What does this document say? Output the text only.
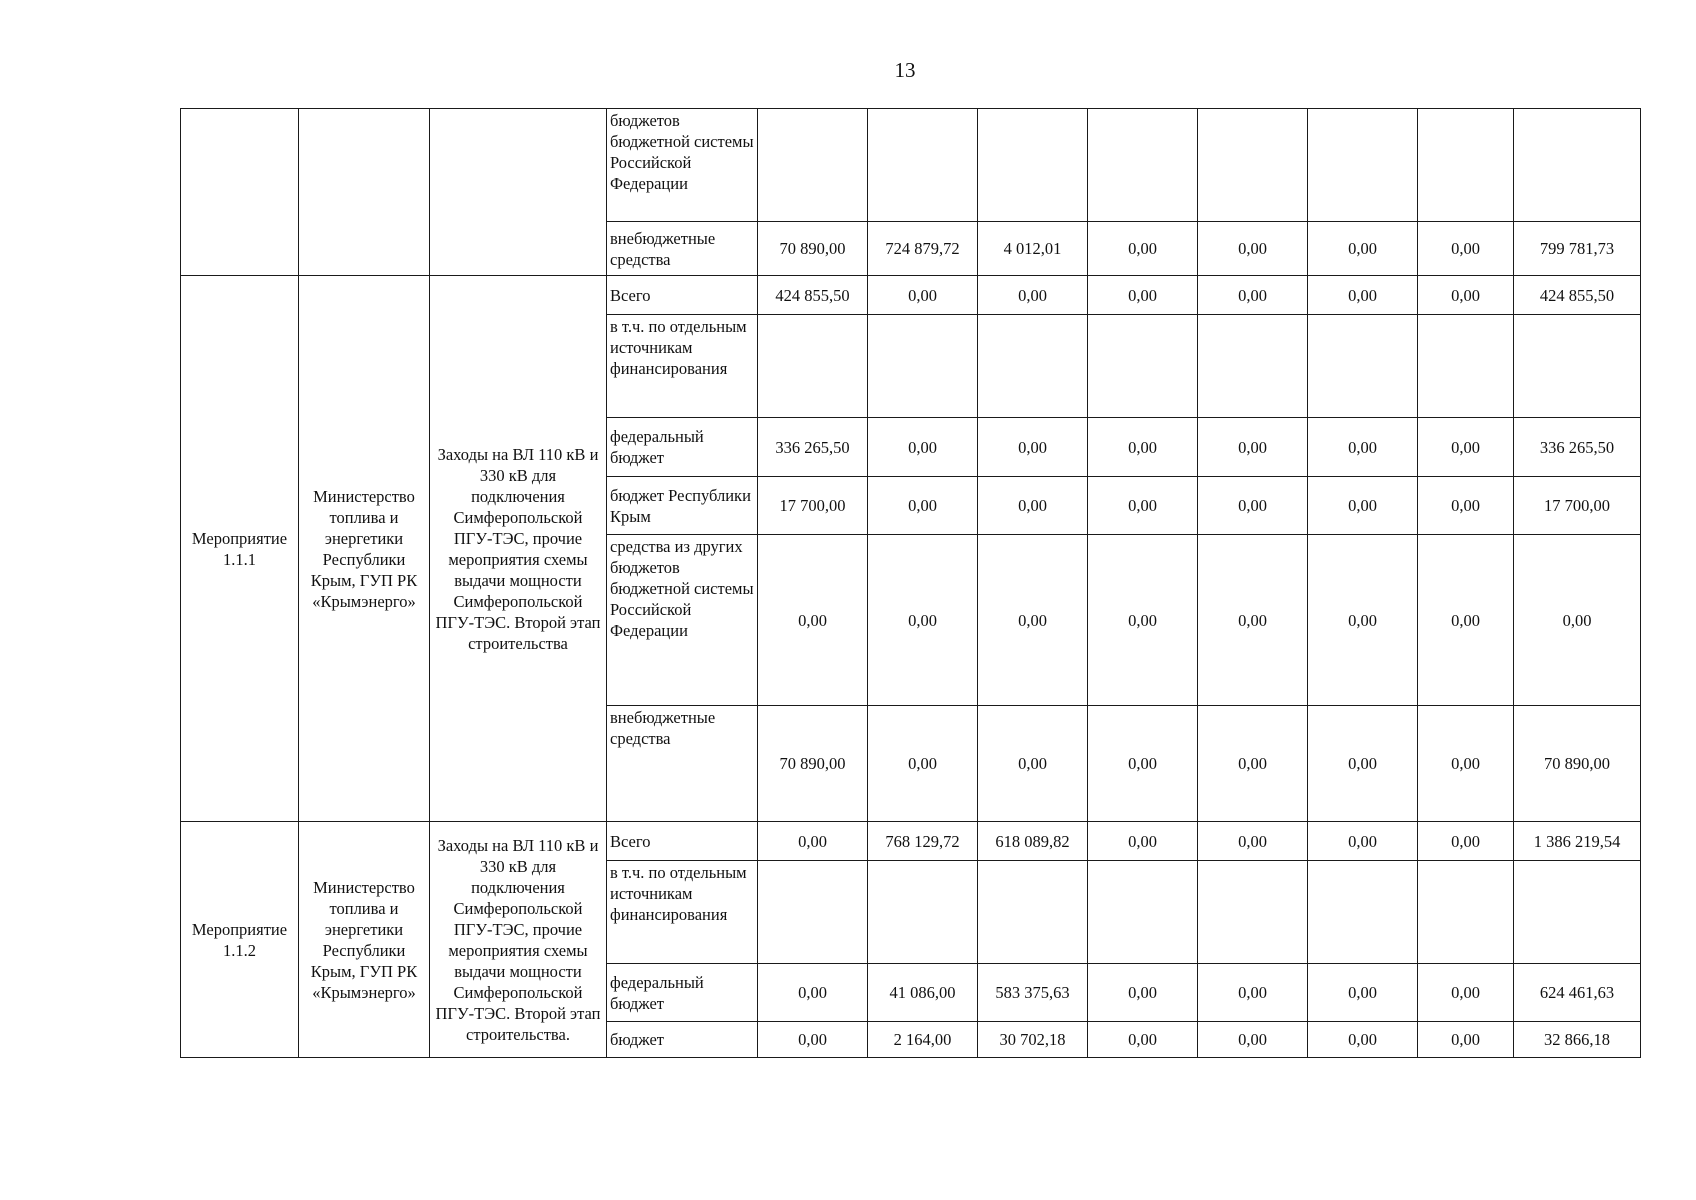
13
			бюджетов бюджетной системы Российской Федерации								
			внебюджетные средства	70 890,00	724 879,72	4 012,01	0,00	0,00	0,00	0,00	799 781,73
Мероприятие 1.1.1	Министерство топлива и энергетики Республики Крым, ГУП РК «Крымэнерго»	Заходы на ВЛ 110 кВ и 330 кВ для подключения Симферопольской ПГУ-ТЭС, прочие мероприятия схемы выдачи мощности Симферопольской ПГУ-ТЭС. Второй этап строительства	Всего	424 855,50	0,00	0,00	0,00	0,00	0,00	0,00	424 855,50
			в т.ч. по отдельным источникам финансирования								
			федеральный бюджет	336 265,50	0,00	0,00	0,00	0,00	0,00	0,00	336 265,50
			бюджет Республики Крым	17 700,00	0,00	0,00	0,00	0,00	0,00	0,00	17 700,00
			средства из других бюджетов бюджетной системы Российской Федерации	0,00	0,00	0,00	0,00	0,00	0,00	0,00	0,00
			внебюджетные средства	70 890,00	0,00	0,00	0,00	0,00	0,00	0,00	70 890,00
Мероприятие 1.1.2	Министерство топлива и энергетики Республики Крым, ГУП РК «Крымэнерго»	Заходы на ВЛ 110 кВ и 330 кВ для подключения Симферопольской ПГУ-ТЭС, прочие мероприятия схемы выдачи мощности Симферопольской ПГУ-ТЭС. Второй этап строительства.	Всего	0,00	768 129,72	618 089,82	0,00	0,00	0,00	0,00	1 386 219,54
			в т.ч. по отдельным источникам финансирования								
			федеральный бюджет	0,00	41 086,00	583 375,63	0,00	0,00	0,00	0,00	624 461,63
			бюджет	0,00	2 164,00	30 702,18	0,00	0,00	0,00	0,00	32 866,18
